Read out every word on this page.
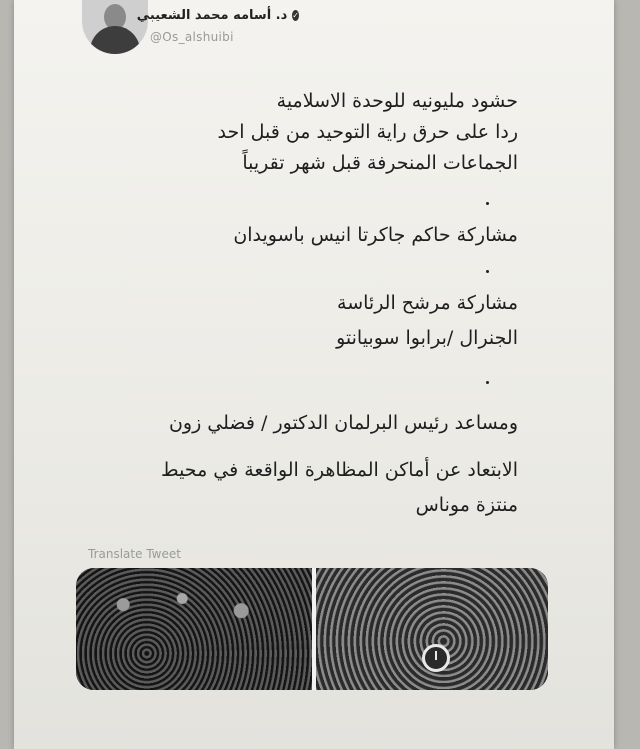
✓
د. أسامه محمد الشعيبي
@Os_alshuibi
حشود مليونيه للوحدة الاسلامية
ردا على حرق راية التوحيد من قبل احد
الجماعات المنحرفة قبل شهر تقريباً
مشاركة حاكم جاكرتا انيس باسويدان
مشاركة مرشح الرئاسة
الجنرال /برابوا سوبيانتو
ومساعد رئيس البرلمان الدكتور / فضلي زون
الابتعاد عن أماكن المظاهرة الواقعة في محيط
منتزة موناس
Translate Tweet
